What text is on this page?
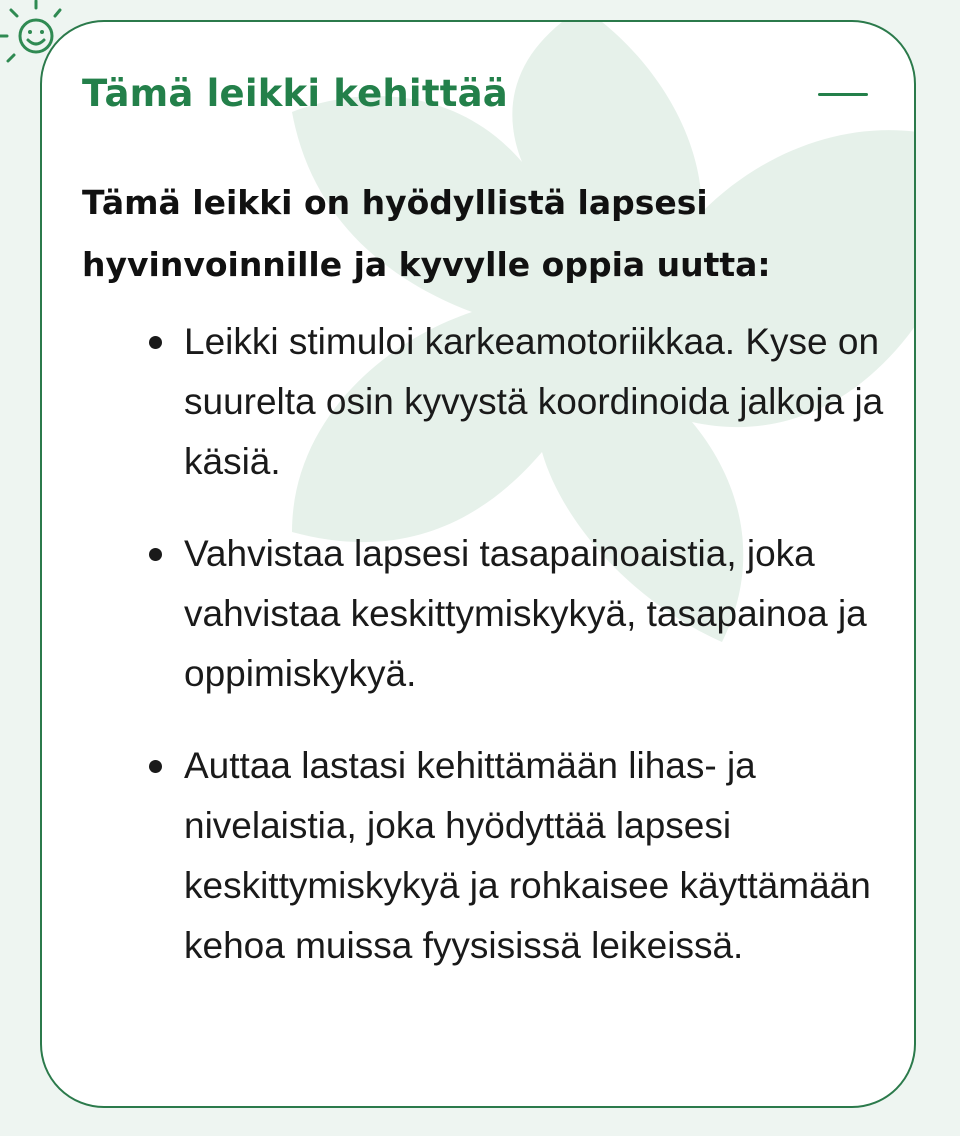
Tämä leikki kehittää

Tämä leikki on hyödyllistä lapsesi hyvinvoinnille ja kyvylle oppia uutta:

Leikki stimuloi karkeamotoriikkaa. Kyse on suurelta osin kyvystä koordinoida jalkoja ja käsiä.
Vahvistaa lapsesi tasapainoaistia, joka vahvistaa keskittymiskykyä, tasapainoa ja oppimiskykyä.
Auttaa lastasi kehittämään lihas- ja nivelaistia, joka hyödyttää lapsesi keskittymiskykyä ja rohkaisee käyttämään kehoa muissa fyysisissä leikeissä.
